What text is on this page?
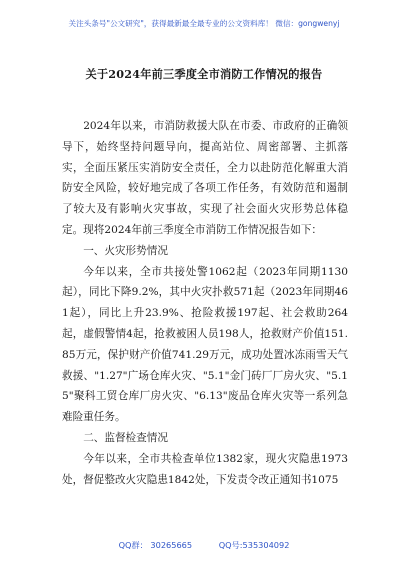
关注头条号"公文研究"，获得最新最全最专业的公文资料库！ 微信：gongwenyj
关于2024年前三季度全市消防工作情况的报告

2024年以来，市消防救援大队在市委、市政府的正确领导下，始终坚持问题导向，提高站位、周密部署、主抓落实，全面压紧压实消防安全责任，全力以赴防范化解重大消防安全风险，较好地完成了各项工作任务，有效防范和遏制了较大及有影响火灾事故，实现了社会面火灾形势总体稳定。现将2024年前三季度全市消防工作情况报告如下：

一、火灾形势情况

今年以来，全市共接处警1062起（2023年同期1130起），同比下降9.2%，其中火灾扑救571起（2023年同期461起），同比上升23.9%、抢险救援197起、社会救助264起，虚假警情4起，抢救被困人员198人，抢救财产价值151.85万元，保护财产价值741.29万元，成功处置冰冻雨雪天气救援、"1.27"广场仓库火灾、"5.1"金门砖厂厂房火灾、"5.15"聚科工贸仓库厂房火灾、"6.13"废品仓库火灾等一系列急难险重任务。

二、监督检查情况

今年以来，全市共检查单位1382家，现火灾隐患1973处，督促整改火灾隐患1842处，下发责令改正通知书1075

QQ群： 30265665	QQ号:535304092
